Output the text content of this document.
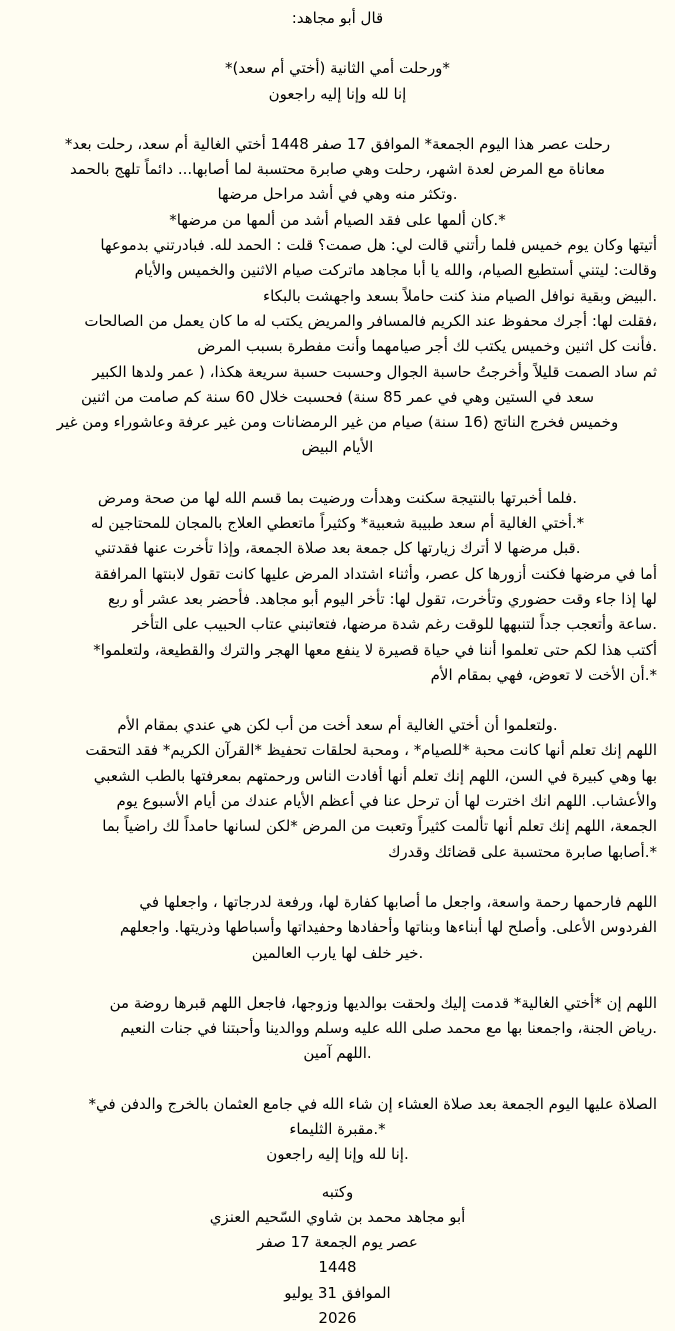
قال أبو مجاهد:
*ورحلت أمي الثانية (أختي أم سعد)*
إنا لله وإنا إليه راجعون
رحلت عصر هذا اليوم الجمعة* الموافق 17 صفر 1448 أختي الغالية أم سعد، رحلت بعد*
معاناة مع المرض لعدة اشهر، رحلت وهي صابرة محتسبة لما أصابها... دائماً تلهج بالحمد
.وتكثر منه وهي في أشد مراحل مرضها
*.كان ألمها على فقد الصيام أشد من ألمها من مرضها*
أتيتها وكان يوم خميس فلما رأتني قالت لي: هل صمت؟ قلت : الحمد لله. فبادرتني بدموعها
وقالت: ليتني أستطيع الصيام، والله يا أبا مجاهد ماتركت صيام الاثنين والخميس والأيام
.البيض وبقية نوافل الصيام منذ كنت حاملاً بسعد واجهشت بالبكاء
،فقلت لها: أجرك محفوظ عند الكريم فالمسافر والمريض يكتب له ما كان يعمل من الصالحات
.فأنت كل اثنين وخميس يكتب لك أجر صيامهما وأنت مفطرة بسبب المرض
ثم ساد الصمت قليلاً وأخرجتُ حاسبة الجوال وحسبت حسبة سريعة هكذا، ( عمر ولدها الكبير
سعد في الستين وهي في عمر 85 سنة) فحسبت خلال 60 سنة كم صامت من اثنين
وخميس فخرج الناتج (16 سنة) صيام من غير الرمضانات ومن غير عرفة وعاشوراء ومن غير
الأيام البيض
.فلما أخبرتها بالنتيجة سكنت وهدأت ورضيت بما قسم الله لها من صحة ومرض
*.أختي الغالية أم سعد طبيبة شعبية* وكثيراً ماتعطي العلاج بالمجان للمحتاجين له
.قبل مرضها لا أترك زيارتها كل جمعة بعد صلاة الجمعة، وإذا تأخرت عنها فقدتني
أما في مرضها فكنت أزورها كل عصر، وأثناء اشتداد المرض عليها كانت تقول لابنتها المرافقة
لها إذا جاء وقت حضوري وتأخرت، تقول لها: تأخر اليوم أبو مجاهد. فأحضر بعد عشر أو ربع
.ساعة وأتعجب جداً لتنبهها للوقت رغم شدة مرضها، فتعاتبني عتاب الحبيب على التأخر
أكتب هذا لكم حتى تعلموا أننا في حياة قصيرة لا ينفع معها الهجر والترك والقطيعة، ولتعلموا*
*.أن الأخت لا تعوض، فهي بمقام الأم
.ولتعلموا أن أختي الغالية أم سعد أخت من أب لكن هي عندي بمقام الأم
اللهم إنك تعلم أنها كانت محبة *للصيام* ، ومحبة لحلقات تحفيظ *القرآن الكريم* فقد التحقت
بها وهي كبيرة في السن، اللهم إنك تعلم أنها أفادت الناس ورحمتهم بمعرفتها بالطب الشعبي
والأعشاب. اللهم انك اخترت لها أن ترحل عنا في أعظم الأيام عندك من أيام الأسبوع يوم
الجمعة، اللهم إنك تعلم أنها تألمت كثيراً وتعبت من المرض *لكن لسانها حامداً لك راضياً بما
*.أصابها صابرة محتسبة على قضائك وقدرك
اللهم فارحمها رحمة واسعة، واجعل ما أصابها كفارة لها، ورفعة لدرجاتها ، واجعلها في
الفردوس الأعلى. وأصلح لها أبناءها وبناتها وأحفادها وحفيداتها وأسباطها وذريتها. واجعلهم
.خير خلف لها يارب العالمين
اللهم إن *أختي الغالية* قدمت إليك ولحقت بوالديها وزوجها، فاجعل اللهم قبرها روضة من
.رياض الجنة، واجمعنا بها مع محمد صلى الله عليه وسلم ووالدينا وأحبتنا في جنات النعيم
.اللهم آمين
الصلاة عليها اليوم الجمعة بعد صلاة العشاء إن شاء الله في جامع العثمان بالخرج والدفن في*
*.مقبرة الثليماء
.إنا لله وإنا إليه راجعون
وكتبه
أبو مجاهد محمد بن شاوي السّحيم العنزي
عصر يوم الجمعة 17 صفر
1448
الموافق 31 يوليو
2026
